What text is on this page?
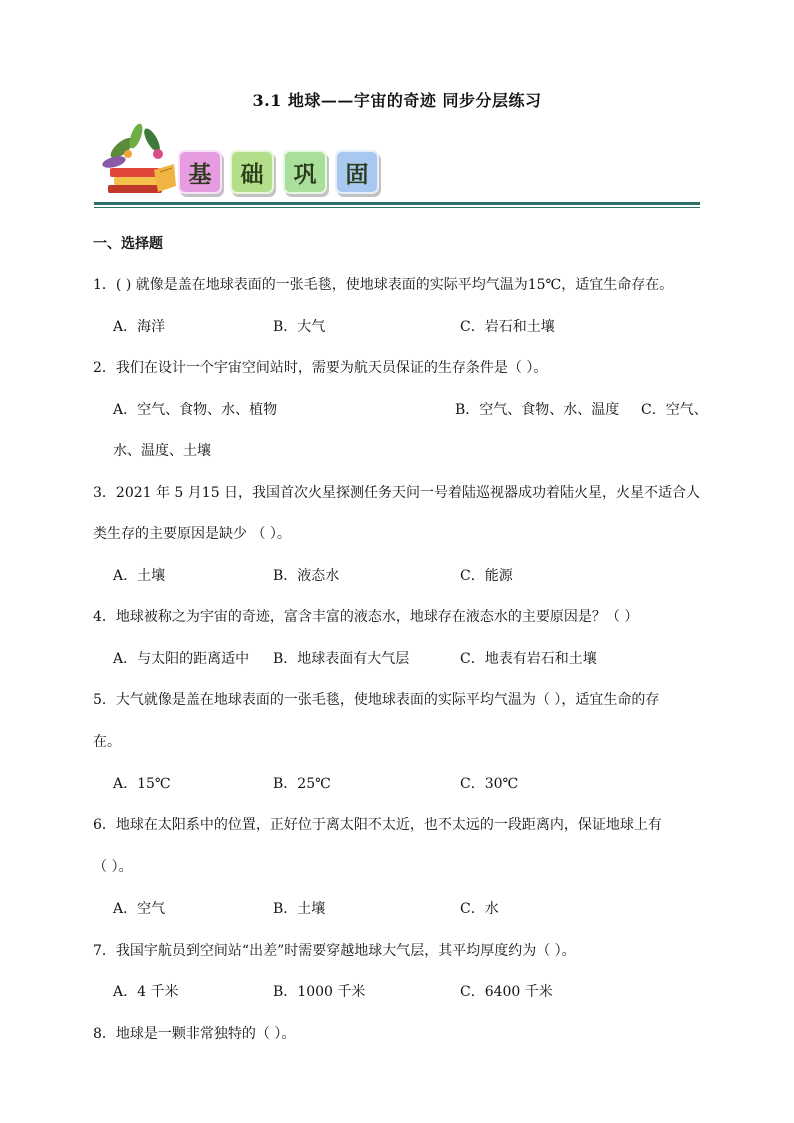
3.1 地球——宇宙的奇迹 同步分层练习
基	础	巩	固
一、选择题
1．( ) 就像是盖在地球表面的一张毛毯，使地球表面的实际平均气温为15℃，适宜生命存在。
A．海洋	B．大气	C．岩石和土壤
2．我们在设计一个宇宙空间站时，需要为航天员保证的生存条件是（ ）。
A．空气、食物、水、植物	B．空气、食物、水、温度 C．空气、
水、温度、土壤
3．2021 年 5 月15 日，我国首次火星探测任务天问一号着陆巡视器成功着陆火星，火星不适合人
类生存的主要原因是缺少 （ ）。
A．土壤	B．液态水	C．能源
4．地球被称之为宇宙的奇迹，富含丰富的液态水，地球存在液态水的主要原因是？（ ）
A．与太阳的距离适中 B．地球表面有大气层	C．地表有岩石和土壤
5．大气就像是盖在地球表面的一张毛毯，使地球表面的实际平均气温为（ ），适宜生命的存
在。
A．15℃	B．25℃	C．30℃
6．地球在太阳系中的位置，正好位于离太阳不太近，也不太远的一段距离内，保证地球上有
（ ）。
A．空气	B．土壤	C．水
7．我国宇航员到空间站“出差”时需要穿越地球大气层，其平均厚度约为（ ）。
A．4 千米	B．1000 千米	C．6400 千米
8．地球是一颗非常独特的（ ）。
